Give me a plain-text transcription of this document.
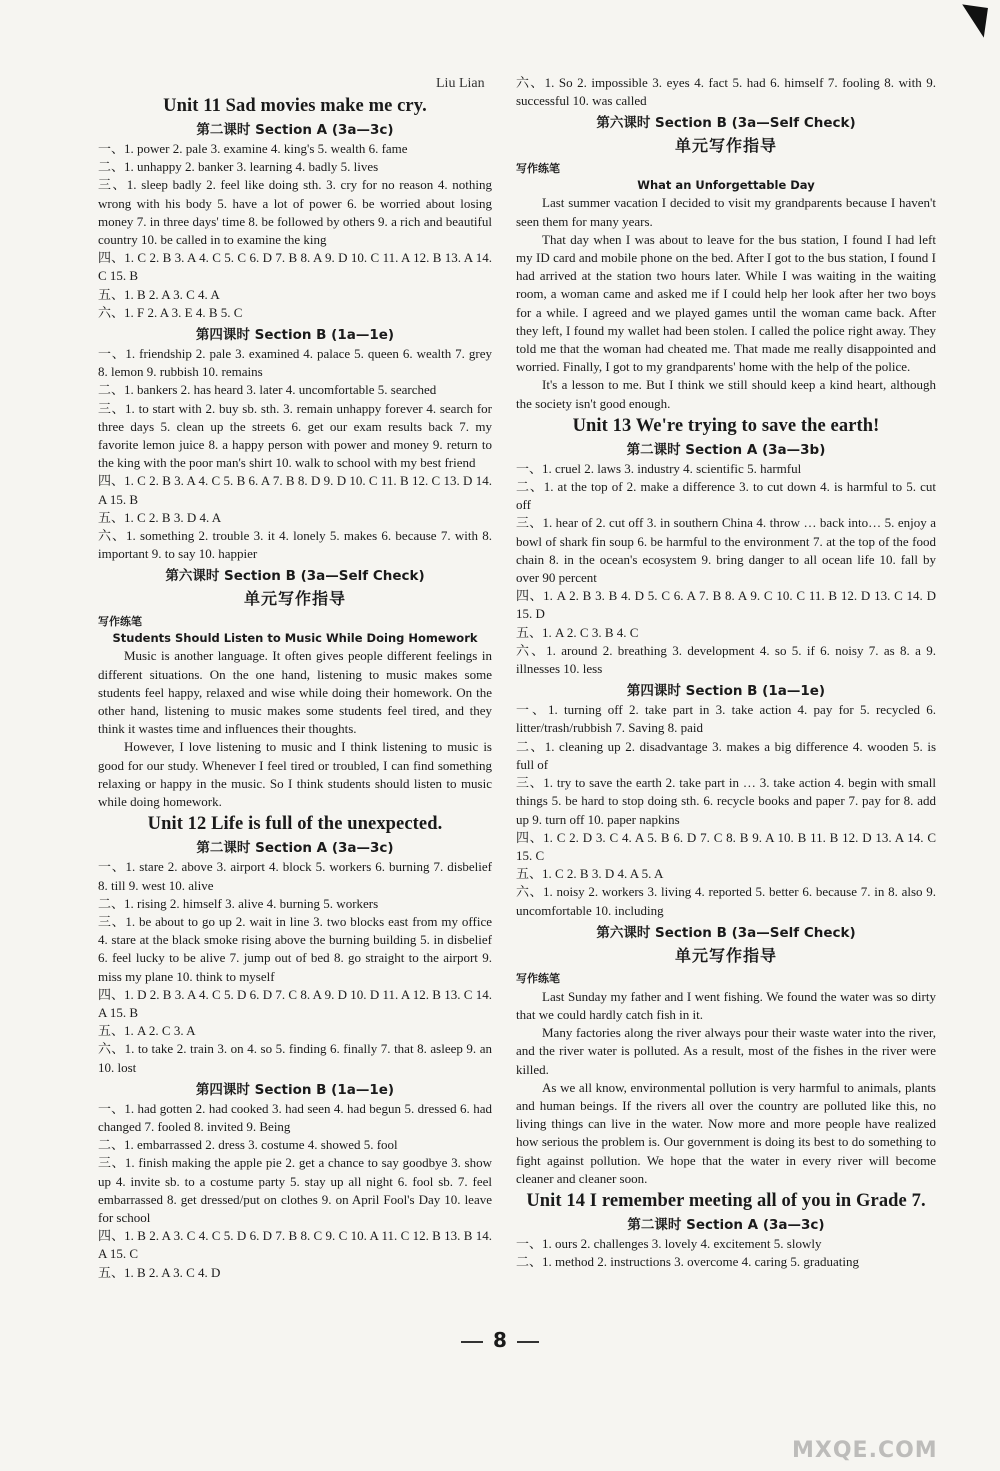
Liu Lian
Unit 11 Sad movies make me cry.
第二课时 Section A (3a—3c)
一、1. power 2. pale 3. examine 4. king's 5. wealth 6. fame
二、1. unhappy 2. banker 3. learning 4. badly 5. lives
三、1. sleep badly 2. feel like doing sth. 3. cry for no reason 4. nothing wrong with his body 5. have a lot of power 6. be worried about losing money 7. in three days' time 8. be followed by others 9. a rich and beautiful country 10. be called in to examine the king
四、1. C 2. B 3. A 4. C 5. C 6. D 7. B 8. A 9. D 10. C 11. A 12. B 13. A 14. C 15. B
五、1. B 2. A 3. C 4. A
六、1. F 2. A 3. E 4. B 5. C
第四课时 Section B (1a—1e)
一、1. friendship 2. pale 3. examined 4. palace 5. queen 6. wealth 7. grey 8. lemon 9. rubbish 10. remains
二、1. bankers 2. has heard 3. later 4. uncomfortable 5. searched
三、1. to start with 2. buy sb. sth. 3. remain unhappy forever 4. search for three days 5. clean up the streets 6. get our exam results back 7. my favorite lemon juice 8. a happy person with power and money 9. return to the king with the poor man's shirt 10. walk to school with my best friend
四、1. C 2. B 3. A 4. C 5. B 6. A 7. B 8. D 9. D 10. C 11. B 12. C 13. D 14. A 15. B
五、1. C 2. B 3. D 4. A
六、1. something 2. trouble 3. it 4. lonely 5. makes 6. because 7. with 8. important 9. to say 10. happier
第六课时 Section B (3a—Self Check)
单元写作指导
写作练笔
Students Should Listen to Music While Doing Homework
Music is another language. It often gives people different feelings in different situations. On the one hand, listening to music makes some students feel happy, relaxed and wise while doing their homework. On the other hand, listening to music makes some students feel tired, and they think it wastes time and influences their thoughts.
However, I love listening to music and I think listening to music is good for our study. Whenever I feel tired or troubled, I can find something relaxing or happy in the music. So I think students should listen to music while doing homework.
Unit 12 Life is full of the unexpected.
第二课时 Section A (3a—3c)
一、1. stare 2. above 3. airport 4. block 5. workers 6. burning 7. disbelief 8. till 9. west 10. alive
二、1. rising 2. himself 3. alive 4. burning 5. workers
三、1. be about to go up 2. wait in line 3. two blocks east from my office 4. stare at the black smoke rising above the burning building 5. in disbelief 6. feel lucky to be alive 7. jump out of bed 8. go straight to the airport 9. miss my plane 10. think to myself
四、1. D 2. B 3. A 4. C 5. D 6. D 7. C 8. A 9. D 10. D 11. A 12. B 13. C 14. A 15. B
五、1. A 2. C 3. A
六、1. to take 2. train 3. on 4. so 5. finding 6. finally 7. that 8. asleep 9. an 10. lost
第四课时 Section B (1a—1e)
一、1. had gotten 2. had cooked 3. had seen 4. had begun 5. dressed 6. had changed 7. fooled 8. invited 9. Being
二、1. embarrassed 2. dress 3. costume 4. showed 5. fool
三、1. finish making the apple pie 2. get a chance to say goodbye 3. show up 4. invite sb. to a costume party 5. stay up all night 6. fool sb. 7. feel embarrassed 8. get dressed/put on clothes 9. on April Fool's Day 10. leave for school
四、1. B 2. A 3. C 4. C 5. D 6. D 7. B 8. C 9. C 10. A 11. C 12. B 13. B 14. A 15. C
五、1. B 2. A 3. C 4. D
六、1. So 2. impossible 3. eyes 4. fact 5. had 6. himself 7. fooling 8. with 9. successful 10. was called
第六课时 Section B (3a—Self Check)
单元写作指导
写作练笔
What an Unforgettable Day
Last summer vacation I decided to visit my grandparents because I haven't seen them for many years.
That day when I was about to leave for the bus station, I found I had left my ID card and mobile phone on the bed. After I got to the bus station, I found I had arrived at the station two hours later. While I was waiting in the waiting room, a woman came and asked me if I could help her look after her two boys for a while. I agreed and we played games until the woman came back. After they left, I found my wallet had been stolen. I called the police right away. They told me that the woman had cheated me. That made me really disappointed and worried. Finally, I got to my grandparents' home with the help of the police.
It's a lesson to me. But I think we still should keep a kind heart, although the society isn't good enough.
Unit 13 We're trying to save the earth!
第二课时 Section A (3a—3b)
一、1. cruel 2. laws 3. industry 4. scientific 5. harmful
二、1. at the top of 2. make a difference 3. to cut down 4. is harmful to 5. cut off
三、1. hear of 2. cut off 3. in southern China 4. throw … back into… 5. enjoy a bowl of shark fin soup 6. be harmful to the environment 7. at the top of the food chain 8. in the ocean's ecosystem 9. bring danger to all ocean life 10. fall by over 90 percent
四、1. A 2. B 3. B 4. D 5. C 6. A 7. B 8. A 9. C 10. C 11. B 12. D 13. C 14. D 15. D
五、1. A 2. C 3. B 4. C
六、1. around 2. breathing 3. development 4. so 5. if 6. noisy 7. as 8. a 9. illnesses 10. less
第四课时 Section B (1a—1e)
一、1. turning off 2. take part in 3. take action 4. pay for 5. recycled 6. litter/trash/rubbish 7. Saving 8. paid
二、1. cleaning up 2. disadvantage 3. makes a big difference 4. wooden 5. is full of
三、1. try to save the earth 2. take part in … 3. take action 4. begin with small things 5. be hard to stop doing sth. 6. recycle books and paper 7. pay for 8. add up 9. turn off 10. paper napkins
四、1. C 2. D 3. C 4. A 5. B 6. D 7. C 8. B 9. A 10. B 11. B 12. D 13. A 14. C 15. C
五、1. C 2. B 3. D 4. A 5. A
六、1. noisy 2. workers 3. living 4. reported 5. better 6. because 7. in 8. also 9. uncomfortable 10. including
第六课时 Section B (3a—Self Check)
单元写作指导
写作练笔
Last Sunday my father and I went fishing. We found the water was so dirty that we could hardly catch fish in it.
Many factories along the river always pour their waste water into the river, and the river water is polluted. As a result, most of the fishes in the river were killed.
As we all know, environmental pollution is very harmful to animals, plants and human beings. If the rivers all over the country are polluted like this, no living things can live in the water. Now more and more people have realized how serious the problem is. Our government is doing its best to do something to fight against pollution. We hope that the water in every river will become cleaner and cleaner soon.
Unit 14 I remember meeting all of you in Grade 7.
第二课时 Section A (3a—3c)
一、1. ours 2. challenges 3. lovely 4. excitement 5. slowly
二、1. method 2. instructions 3. overcome 4. caring 5. graduating
8
MXQE.COM
